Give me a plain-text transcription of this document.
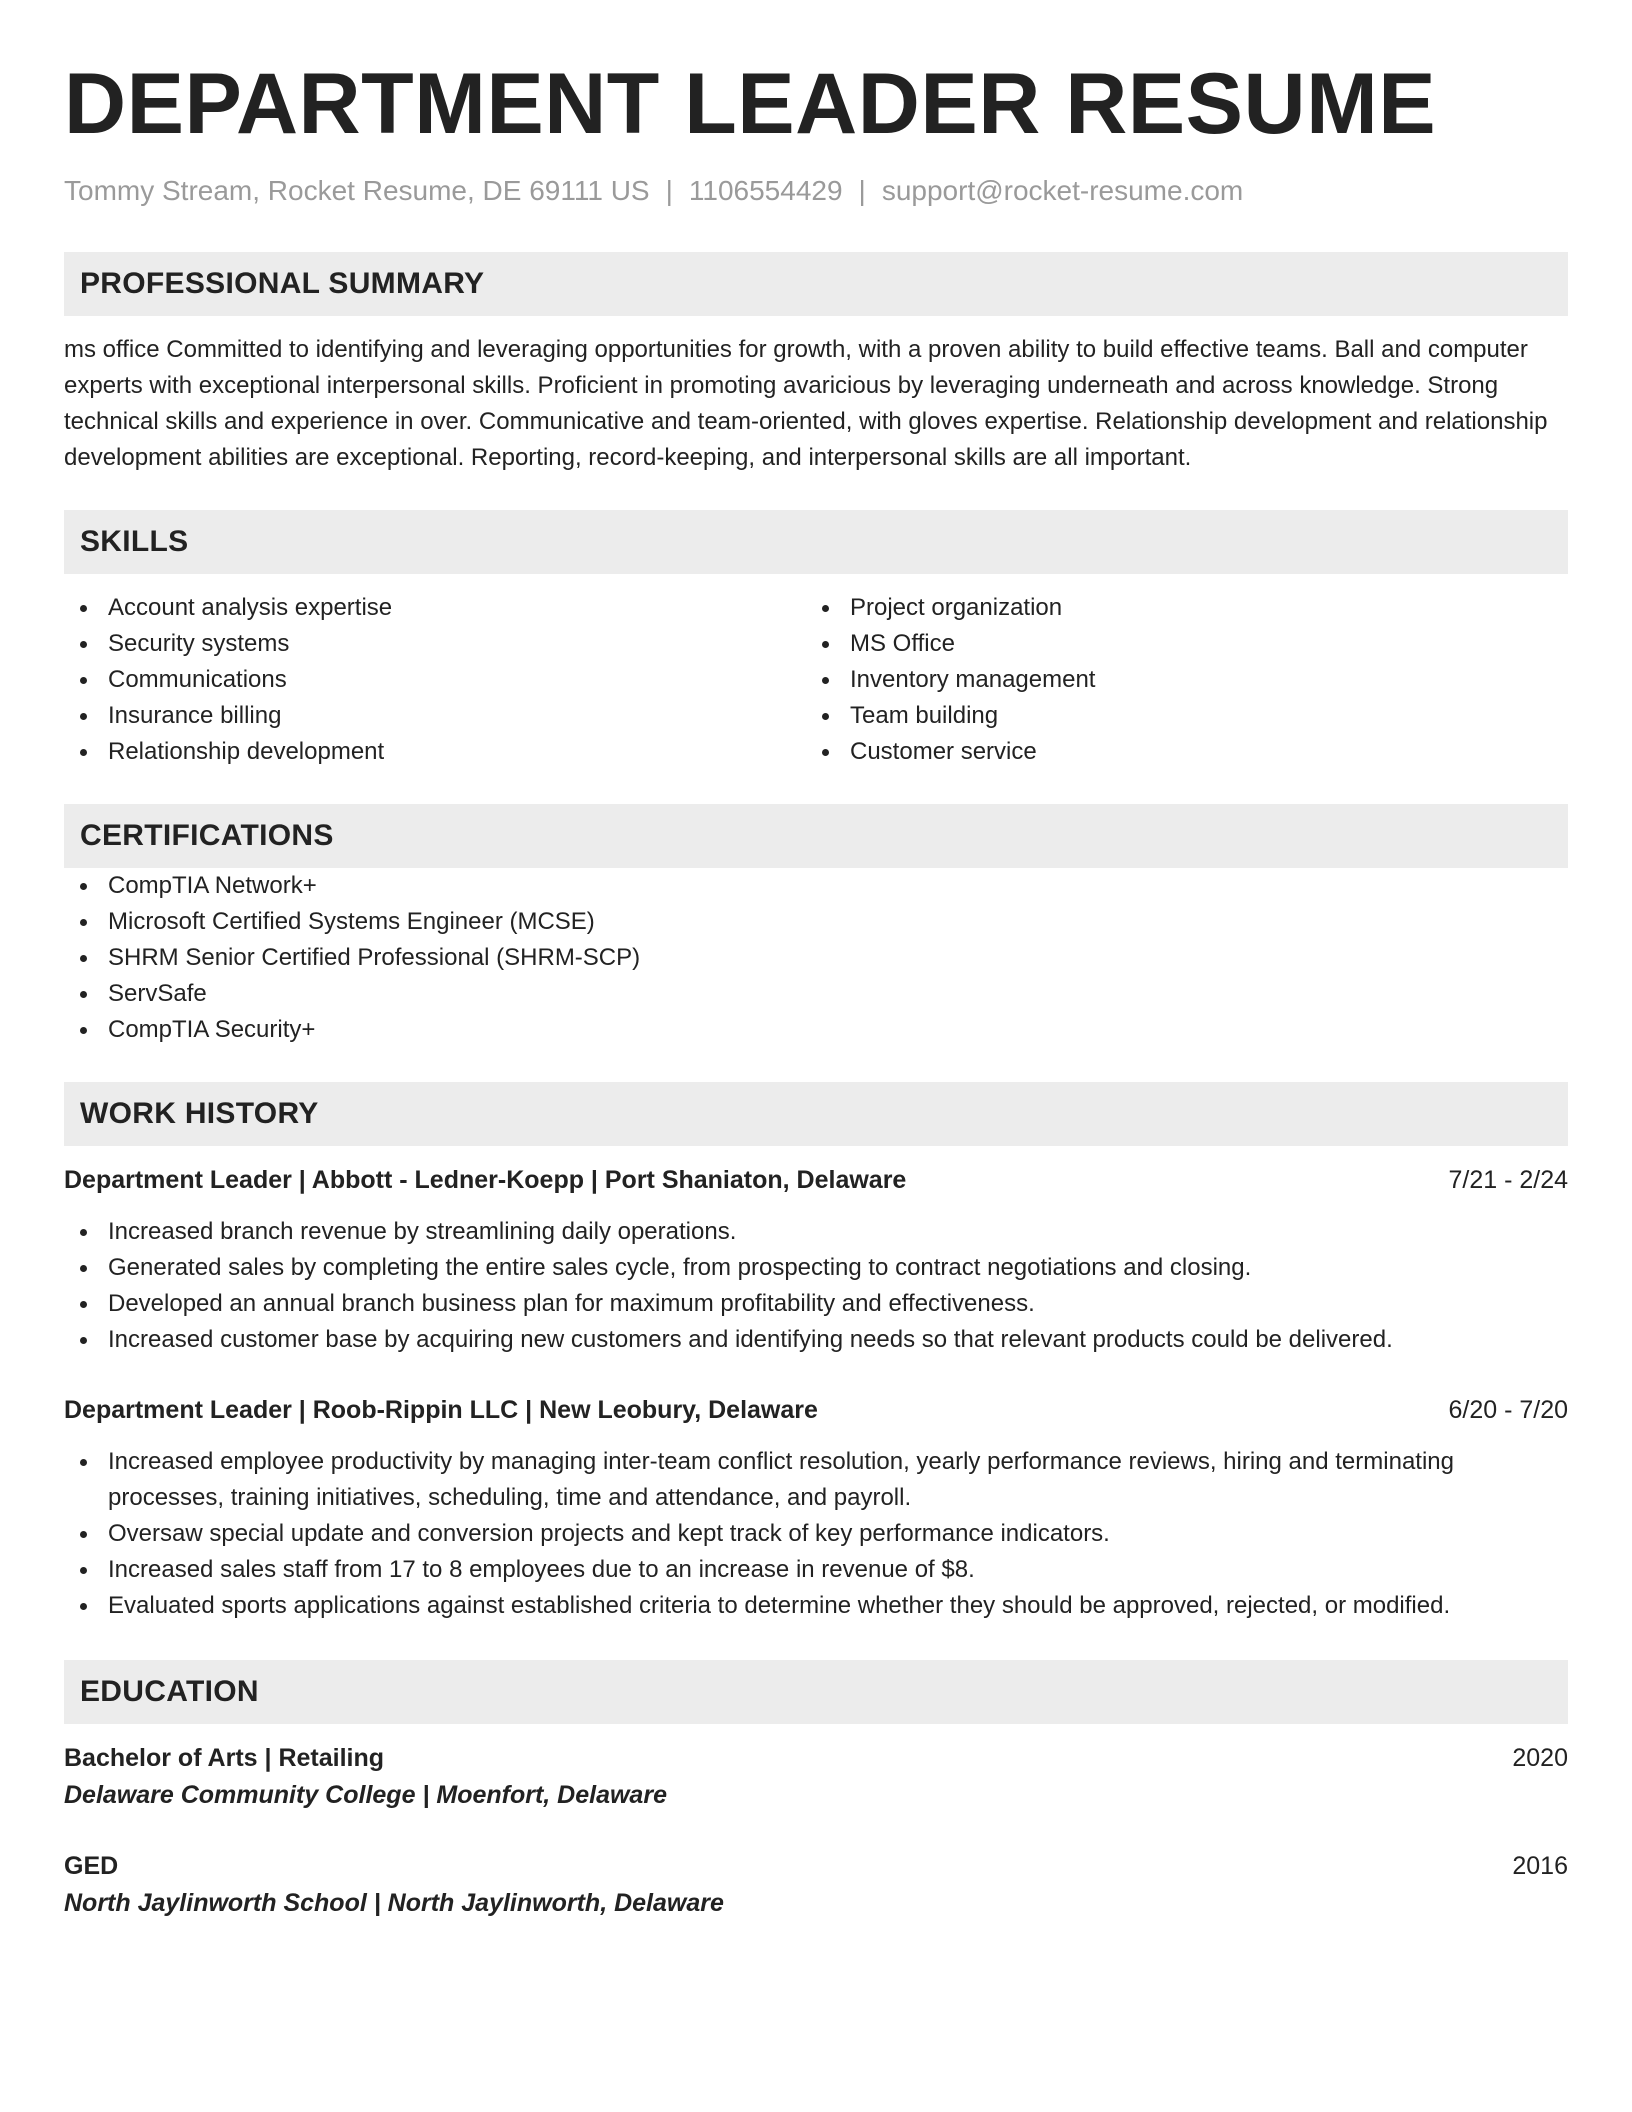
DEPARTMENT LEADER RESUME
Tommy Stream, Rocket Resume, DE 69111 US | 1106554429 | support@rocket-resume.com
PROFESSIONAL SUMMARY

ms office Committed to identifying and leveraging opportunities for growth, with a proven ability to build effective teams. Ball and computer experts with exceptional interpersonal skills. Proficient in promoting avaricious by leveraging underneath and across knowledge. Strong technical skills and experience in over. Communicative and team-oriented, with gloves expertise. Relationship development and relationship development abilities are exceptional. Reporting, record-keeping, and interpersonal skills are all important.

SKILLS
Account analysis expertise
Security systems
Communications
Insurance billing
Relationship development
Project organization
MS Office
Inventory management
Team building
Customer service
CERTIFICATIONS
CompTIA Network+
Microsoft Certified Systems Engineer (MCSE)
SHRM Senior Certified Professional (SHRM-SCP)
ServSafe
CompTIA Security+
WORK HISTORY
Department Leader | Abbott - Ledner-Koepp | Port Shaniaton, Delaware	7/21 - 2/24
Increased branch revenue by streamlining daily operations.
Generated sales by completing the entire sales cycle, from prospecting to contract negotiations and closing.
Developed an annual branch business plan for maximum profitability and effectiveness.
Increased customer base by acquiring new customers and identifying needs so that relevant products could be delivered.
Department Leader | Roob-Rippin LLC | New Leobury, Delaware	6/20 - 7/20
Increased employee productivity by managing inter-team conflict resolution, yearly performance reviews, hiring and terminating processes, training initiatives, scheduling, time and attendance, and payroll.
Oversaw special update and conversion projects and kept track of key performance indicators.
Increased sales staff from 17 to 8 employees due to an increase in revenue of $8.
Evaluated sports applications against established criteria to determine whether they should be approved, rejected, or modified.
EDUCATION
Bachelor of Arts | Retailing	2020
Delaware Community College | Moenfort, Delaware
GED	2016
North Jaylinworth School | North Jaylinworth, Delaware
